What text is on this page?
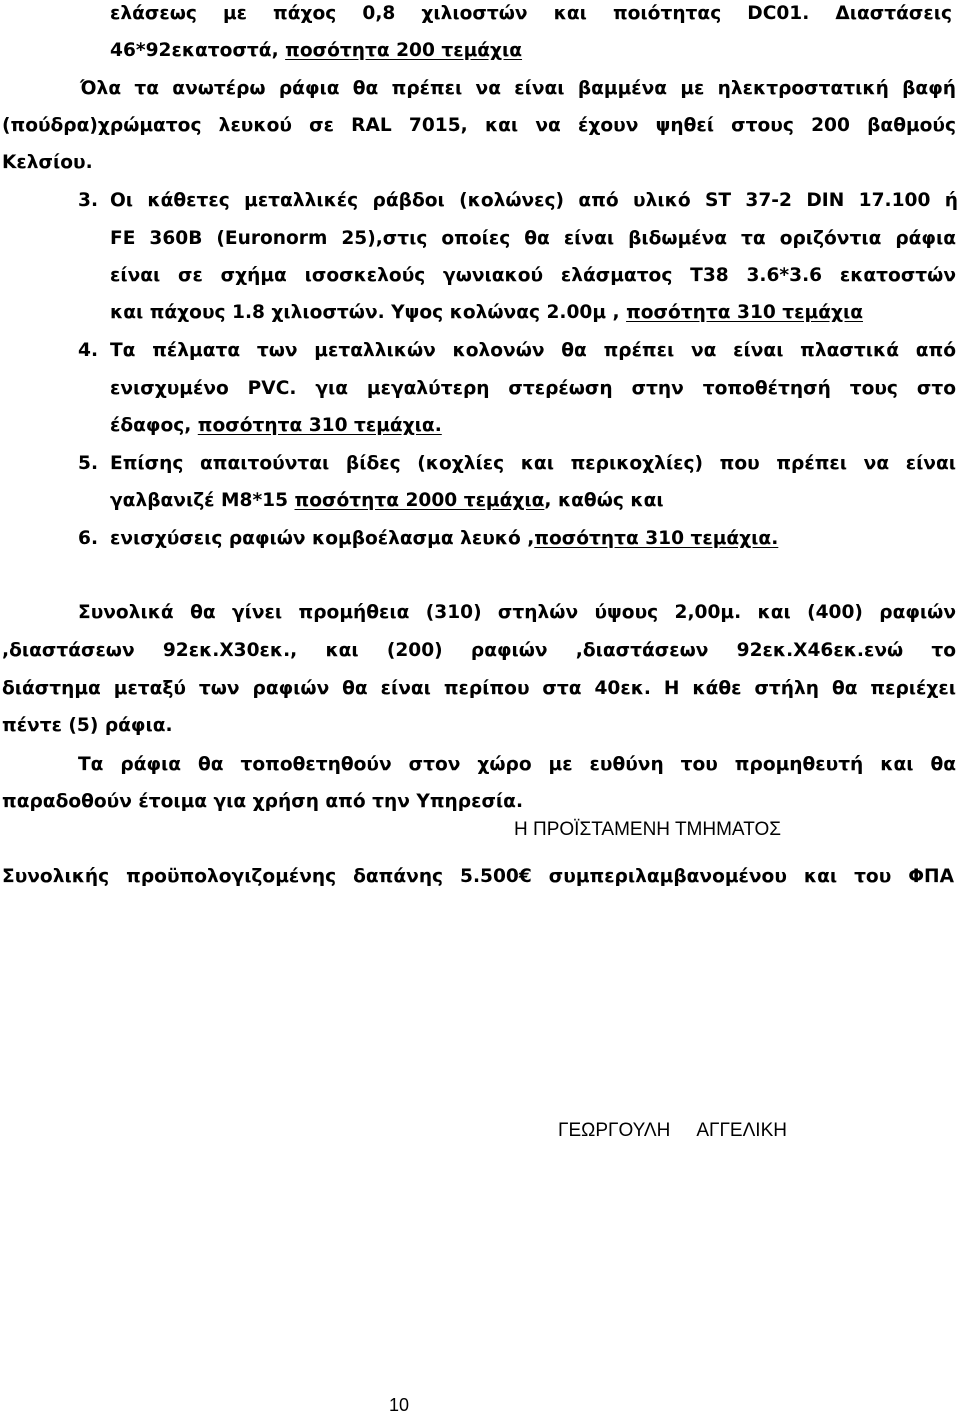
ελάσεως με πάχος 0,8 χιλιοστών και ποιότητας DC01. Διαστάσεις
46*92εκατοστά, ποσότητα 200 τεμάχια
Όλα τα ανωτέρω ράφια θα πρέπει να είναι βαμμένα με ηλεκτροστατική βαφή
(πούδρα)χρώματος λευκού σε RAL 7015, και να έχουν ψηθεί στους 200 βαθμούς
Κελσίου.
3. Οι κάθετες μεταλλικές ράβδοι (κολώνες) από υλικό ST 37-2 DIN 17.100 ή
FE 360B (Euronorm 25),στις οποίες θα είναι βιδωμένα τα οριζόντια ράφια
είναι σε σχήμα ισοσκελούς γωνιακού ελάσματος Τ38 3.6*3.6 εκατοστών
και πάχους 1.8 χιλιοστών. Υψος κολώνας 2.00μ , ποσότητα 310 τεμάχια
4. Τα πέλματα των μεταλλικών κολονών θα πρέπει να είναι πλαστικά από
ενισχυμένο PVC. για μεγαλύτερη στερέωση στην τοποθέτησή τους στο
έδαφος, ποσότητα 310 τεμάχια.
5. Επίσης απαιτούνται βίδες (κοχλίες και περικοχλίες) που πρέπει να είναι
γαλβανιζέ Μ8*15 ποσότητα 2000 τεμάχια, καθώς και
6. ενισχύσεις ραφιών κομβοέλασμα λευκό ,ποσότητα 310 τεμάχια.
Συνολικά θα γίνει προμήθεια (310) στηλών ύψους 2,00μ. και (400) ραφιών
,διαστάσεων 92εκ.Χ30εκ., και (200) ραφιών ,διαστάσεων 92εκ.Χ46εκ.ενώ το
διάστημα μεταξύ των ραφιών θα είναι περίπου στα 40εκ. Η κάθε στήλη θα περιέχει
πέντε (5) ράφια.
Τα ράφια θα τοποθετηθούν στον χώρο με ευθύνη του προμηθευτή και θα
παραδοθούν έτοιμα για χρήση από την Υπηρεσία.
Συνολικής προϋπολογιζομένης δαπάνης 5.500€ συμπεριλαμβανομένου και του ΦΠΑ
Η ΠΡΟΪΣΤΑΜΕΝΗ ΤΜΗΜΑΤΟΣ
ΓΕΩΡΓΟΥΛΗ ΑΓΓΕΛΙΚΗ
10
